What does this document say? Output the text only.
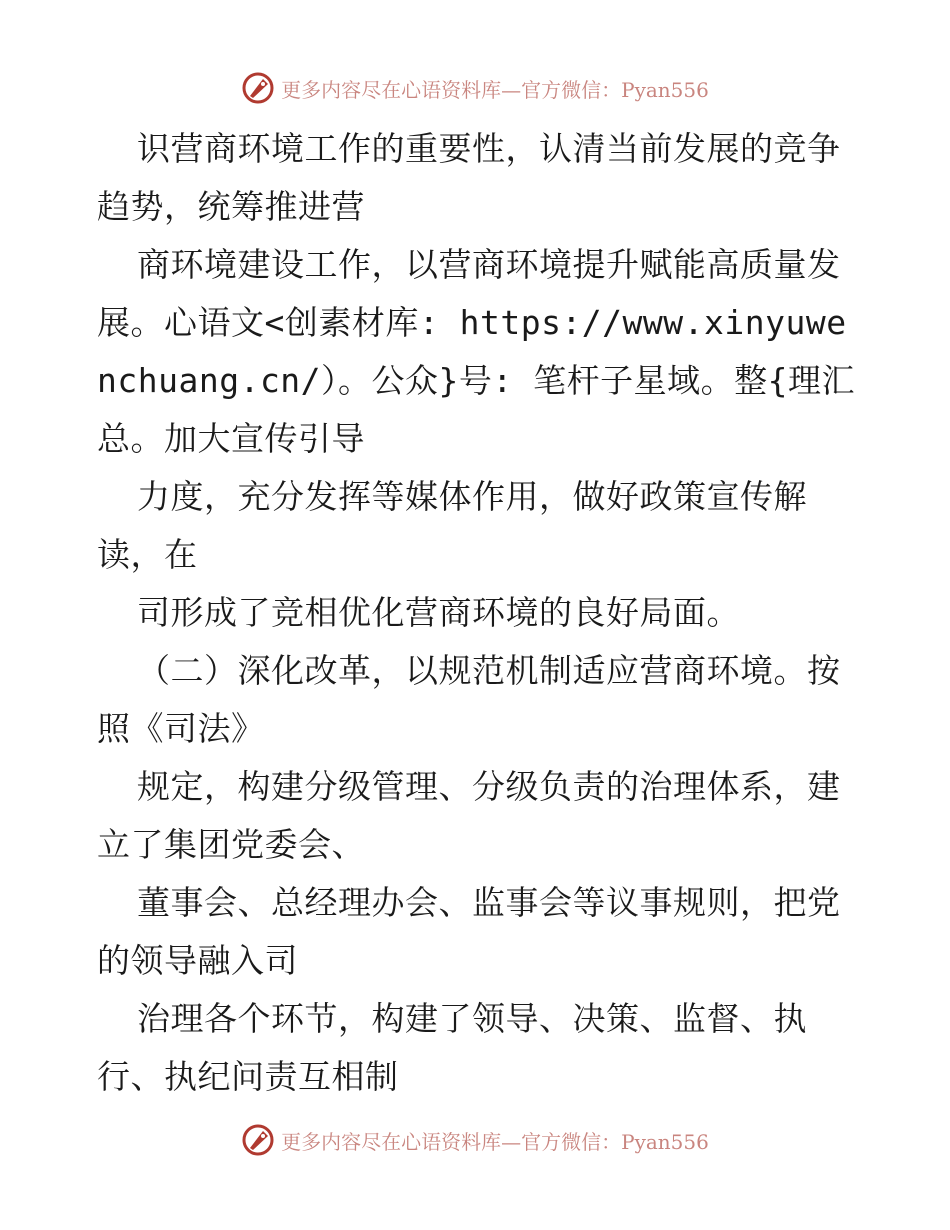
更多内容尽在心语资料库—官方微信：Pyan556

识营商环境工作的重要性，认清当前发展的竞争趋势，统筹推进营

商环境建设工作，以营商环境提升赋能高质量发展。心语文<创素材库: https://www.xinyuwenchuang.cn/）。公众}号: 笔杆子星域。整{理汇总。加大宣传引导

力度，充分发挥等媒体作用，做好政策宣传解读，在

司形成了竞相优化营商环境的良好局面。

（二）深化改革，以规范机制适应营商环境。按照《司法》

规定，构建分级管理、分级负责的治理体系，建立了集团党委会、

董事会、总经理办会、监事会等议事规则，把党的领导融入司

治理各个环节，构建了领导、决策、监督、执行、执纪问责互相制

更多内容尽在心语资料库—官方微信：Pyan556
